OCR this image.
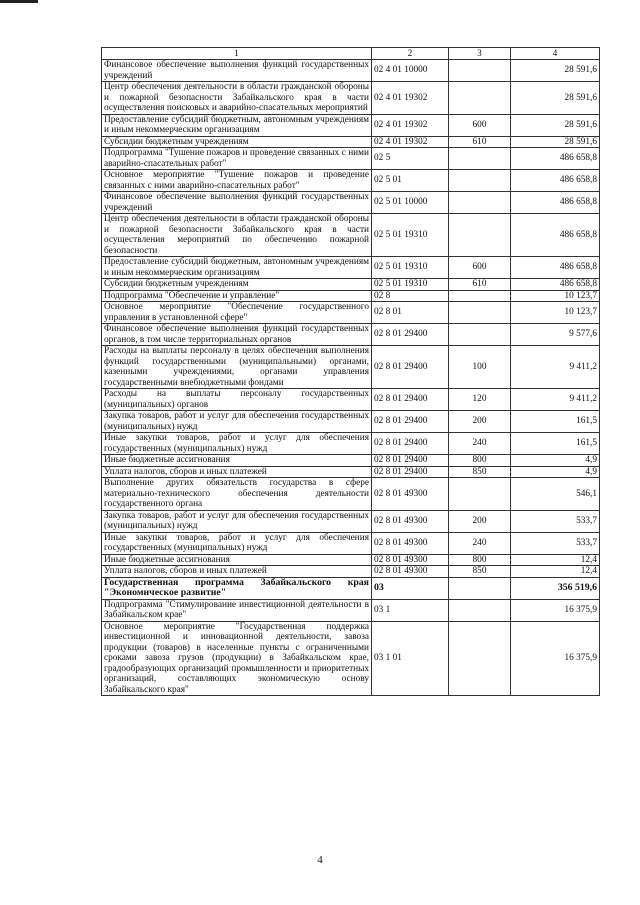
1	2	3	4
Финансовое обеспечение выполнения функций государственных учреждений	02 4 01 10000		28 591,6
Центр обеспечения деятельности в области гражданской обороны и пожарной безопасности Забайкальского края в части осуществления поисковых и аварийно-спасательных мероприятий	02 4 01 19302		28 591,6
Предоставление субсидий бюджетным, автономным учреждениям и иным некоммерческим организациям	02 4 01 19302	600	28 591,6
Субсидии бюджетным учреждениям	02 4 01 19302	610	28 591,6
Подпрограмма "Тушение пожаров и проведение связанных с ними аварийно-спасательных работ"	02 5		486 658,8
Основное мероприятие "Тушение пожаров и проведение связанных с ними аварийно-спасательных работ"	02 5 01		486 658,8
Финансовое обеспечение выполнения функций государственных учреждений	02 5 01 10000		486 658,8
Центр обеспечения деятельности в области гражданской обороны и пожарной безопасности Забайкальского края в части осуществления мероприятий по обеспечению пожарной безопасности	02 5 01 19310		486 658,8
Предоставление субсидий бюджетным, автономным учреждениям и иным некоммерческим организациям	02 5 01 19310	600	486 658,8
Субсидии бюджетным учреждениям	02 5 01 19310	610	486 658,8
Подпрограмма "Обеспечение и управление"	02 8		10 123,7
Основное мероприятие "Обеспечение государственного управления в установленной сфере"	02 8 01		10 123,7
Финансовое обеспечение выполнения функций государственных органов, в том числе территориальных органов	02 8 01 29400		9 577,6
Расходы на выплаты персоналу в целях обеспечения выполнения функций государственными (муниципальными) органами, казенными учреждениями, органами управления государственными внебюджетными фондами	02 8 01 29400	100	9 411,2
Расходы на выплаты персоналу государственных (муниципальных) органов	02 8 01 29400	120	9 411,2
Закупка товаров, работ и услуг для обеспечения государственных (муниципальных) нужд	02 8 01 29400	200	161,5
Иные закупки товаров, работ и услуг для обеспечения государственных (муниципальных) нужд	02 8 01 29400	240	161,5
Иные бюджетные ассигнования	02 8 01 29400	800	4,9
Уплата налогов, сборов и иных платежей	02 8 01 29400	850	4,9
Выполнение других обязательств государства в сфере материально-технического обеспечения деятельности государственного органа	02 8 01 49300		546,1
Закупка товаров, работ и услуг для обеспечения государственных (муниципальных) нужд	02 8 01 49300	200	533,7
Иные закупки товаров, работ и услуг для обеспечения государственных (муниципальных) нужд	02 8 01 49300	240	533,7
Иные бюджетные ассигнования	02 8 01 49300	800	12,4
Уплата налогов, сборов и иных платежей	02 8 01 49300	850	12,4
Государственная программа Забайкальского края "Экономическое развитие"	03		356 519,6
Подпрограмма "Стимулирование инвестиционной деятельности в Забайкальском крае"	03 1		16 375,9
Основное мероприятие "Государственная поддержка инвестиционной и инновационной деятельности, завоза продукции (товаров) в населенные пункты с ограниченными сроками завоза грузов (продукции) в Забайкальском крае, градообразующих организаций промышленности и приоритетных организаций, составляющих экономическую основу Забайкальского края"	03 1 01		16 375,9
4
